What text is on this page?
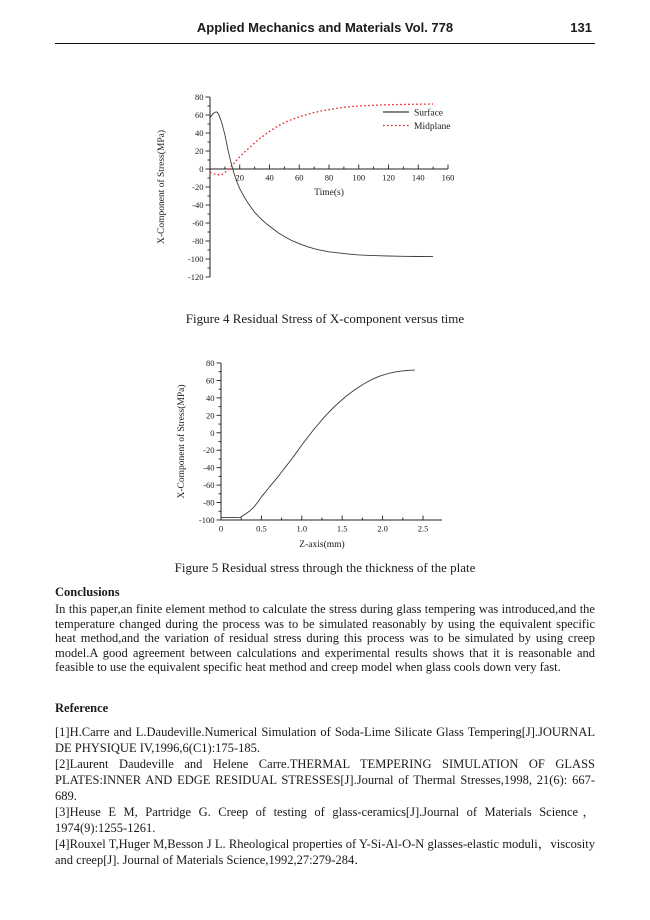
Applied Mechanics and Materials Vol. 778	131
80
60
40
20
0
-20
-40
-60
-80
-100
-120
20	40	60	80 100 120 140 160
Time(s)
X-Component of Stress(MPa)
Surface
Midplane
Figure 4 Residual Stress of X-component versus time
80
60
40
20
0
-20
-40
-60
-80
-100
0	0.5	1.0	1.5	2.0	2.5
Z-axis(mm)
X-Component of Stress(MPa)
Figure 5 Residual stress through the thickness of the plate

Conclusions

In this paper,an finite element method to calculate the stress during glass tempering was introduced,and the temperature changed during the process was to be simulated reasonably by using the equivalent specific heat method,and the variation of residual stress during this process was to be simulated by using creep model.A good agreement between calculations and experimental results shows that it is reasonable and feasible to use the equivalent specific heat method and creep model when glass cools down very fast.

Reference

[1]H.Carre and L.Daudeville.Numerical Simulation of Soda-Lime Silicate Glass Tempering[J].JOURNAL DE PHYSIQUE IV,1996,6(C1):175-185.

[2]Laurent Daudeville and Helene Carre.THERMAL TEMPERING SIMULATION OF GLASS PLATES:INNER AND EDGE RESIDUAL STRESSES[J].Journal of Thermal Stresses,1998, 21(6): 667-689.

[3]Heuse E M, Partridge G. Creep of testing of glass-ceramics[J].Journal of Materials Science，1974(9):1255-1261.

[4]Rouxel T,Huger M,Besson J L. Rheological properties of Y-Si-Al-O-N glasses-elastic moduli，viscosity and creep[J]. Journal of Materials Science,1992,27:279-284．
